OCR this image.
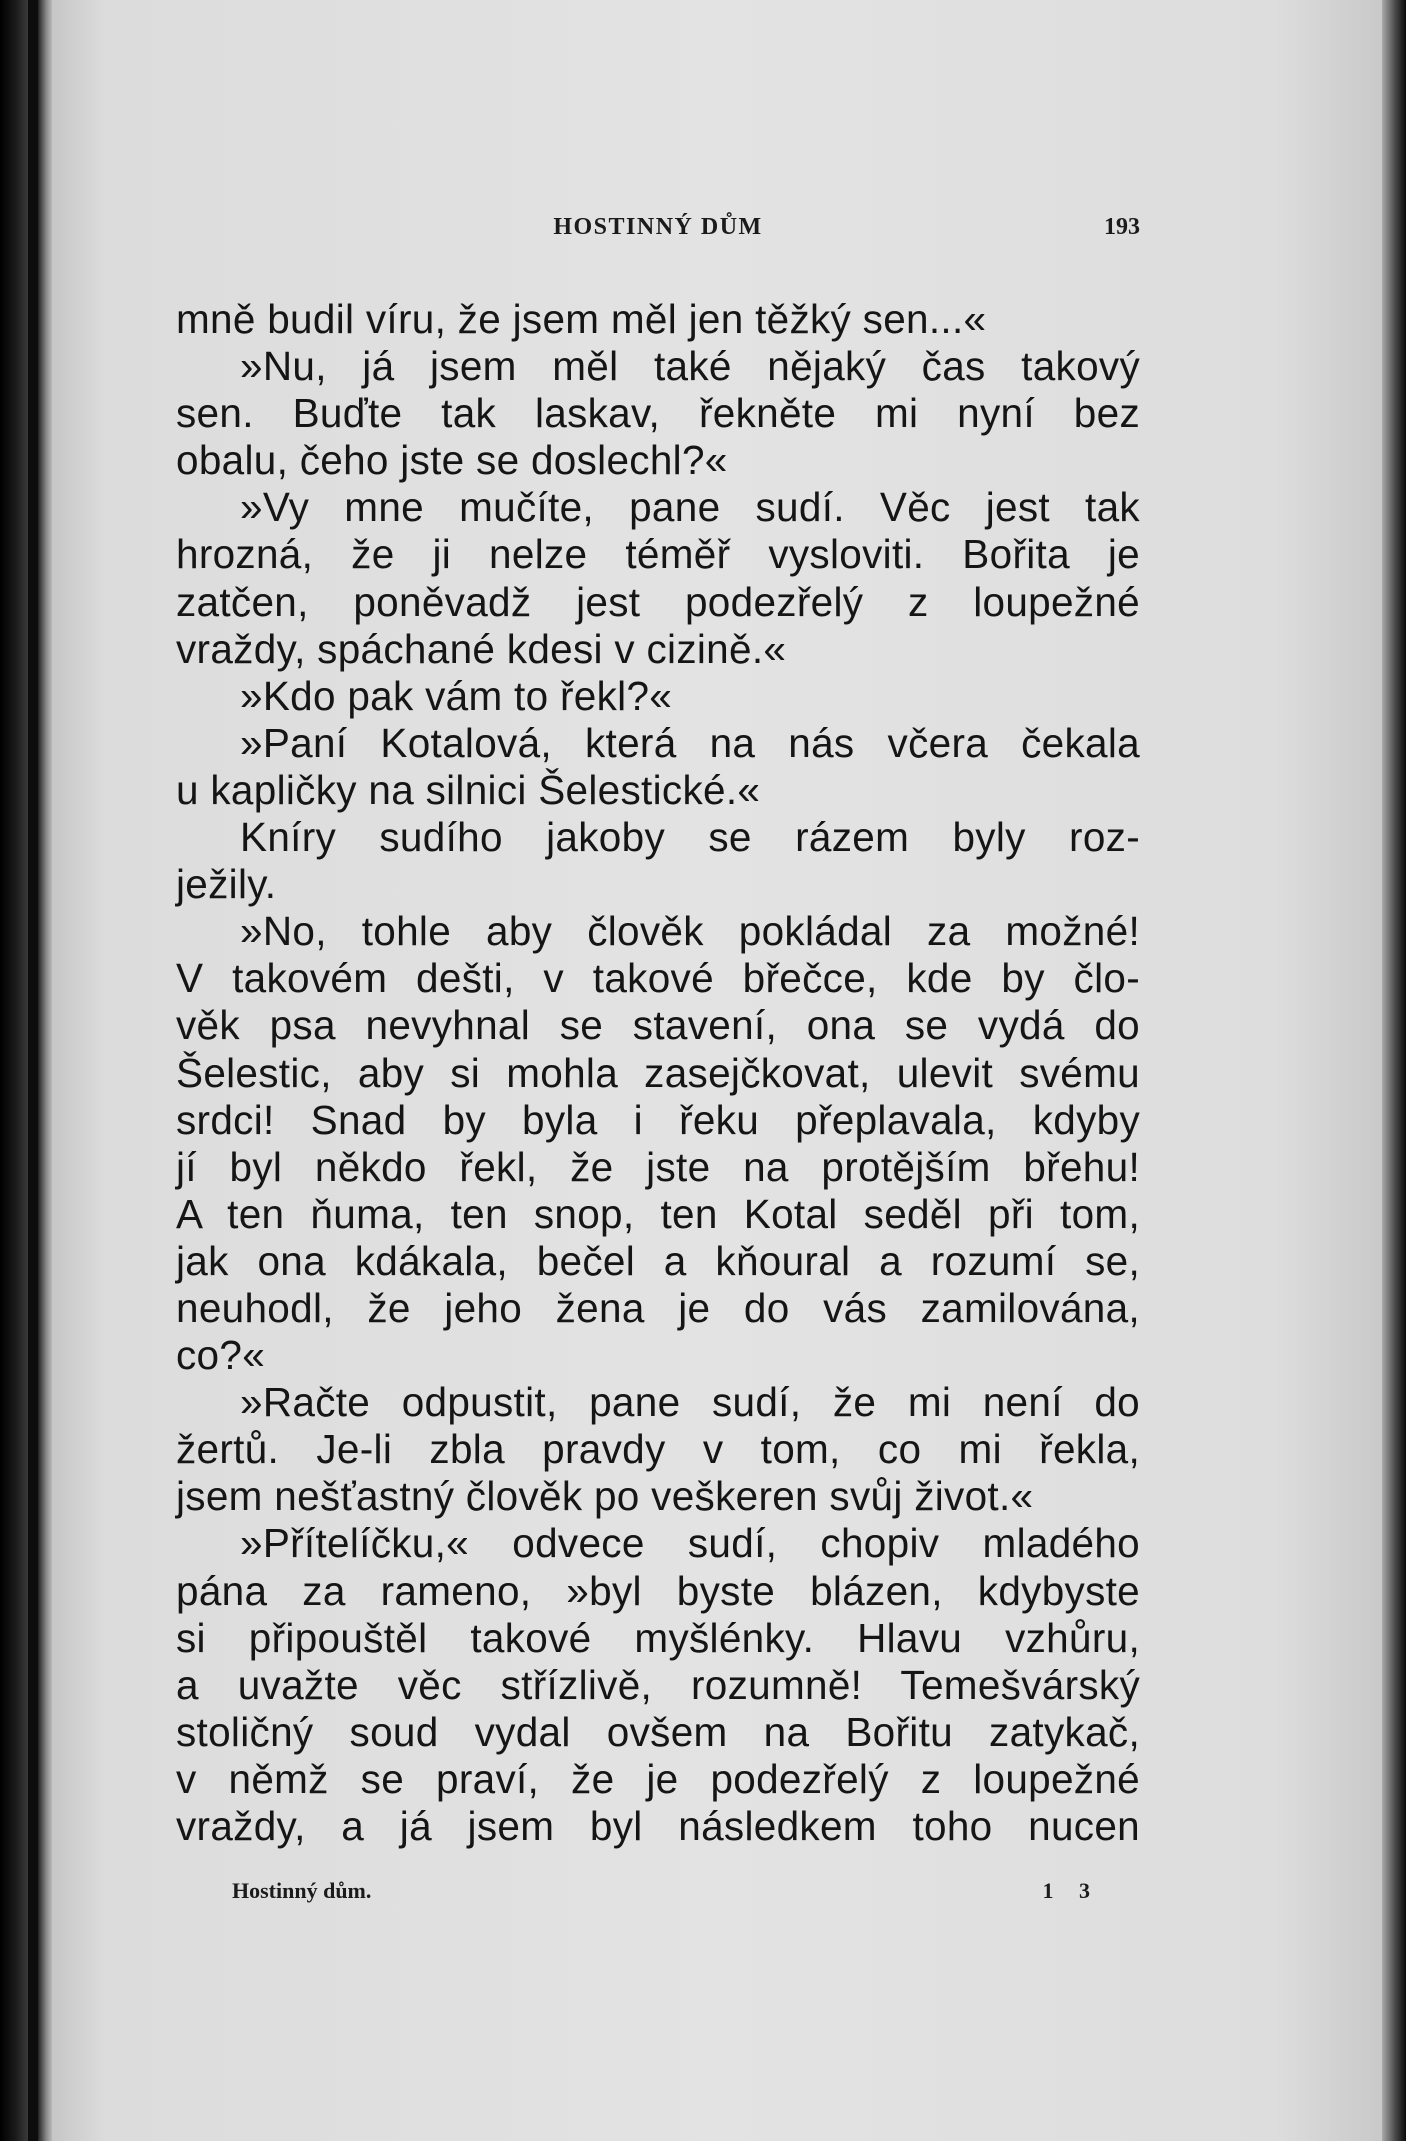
HOSTINNÝ DŮM	193
mně budil víru, že jsem měl jen těžký sen...«
»Nu, já jsem měl také nějaký čas takový
sen. Buďte tak laskav, řekněte mi nyní bez
obalu, čeho jste se doslechl?«
»Vy mne mučíte, pane sudí. Věc jest tak
hrozná, že ji nelze téměř vysloviti. Bořita je
zatčen, poněvadž jest podezřelý z loupežné
vraždy, spáchané kdesi v cizině.«
»Kdo pak vám to řekl?«
»Paní Kotalová, která na nás včera čekala
u kapličky na silnici Šelestické.«
Kníry sudího jakoby se rázem byly roz-
ježily.
»No, tohle aby člověk pokládal za možné!
V takovém dešti, v takové břečce, kde by člo-
věk psa nevyhnal se stavení, ona se vydá do
Šelestic, aby si mohla zasejčkovat, ulevit svému
srdci! Snad by byla i řeku přeplavala, kdyby
jí byl někdo řekl, že jste na protějším břehu!
A ten ňuma, ten snop, ten Kotal seděl při tom,
jak ona kdákala, bečel a kňoural a rozumí se,
neuhodl, že jeho žena je do vás zamilována,
co?«
»Račte odpustit, pane sudí, že mi není do
žertů. Je-li zbla pravdy v tom, co mi řekla,
jsem nešťastný člověk po veškeren svůj život.«
»Přítelíčku,« odvece sudí, chopiv mladého
pána za rameno, »byl byste blázen, kdybyste
si připouštěl takové myšlénky. Hlavu vzhůru,
a uvažte věc střízlivě, rozumně! Temešvárský
stoličný soud vydal ovšem na Bořitu zatykač,
v němž se praví, že je podezřelý z loupežné
vraždy, a já jsem byl následkem toho nucen
Hostinný dům.	1 3
